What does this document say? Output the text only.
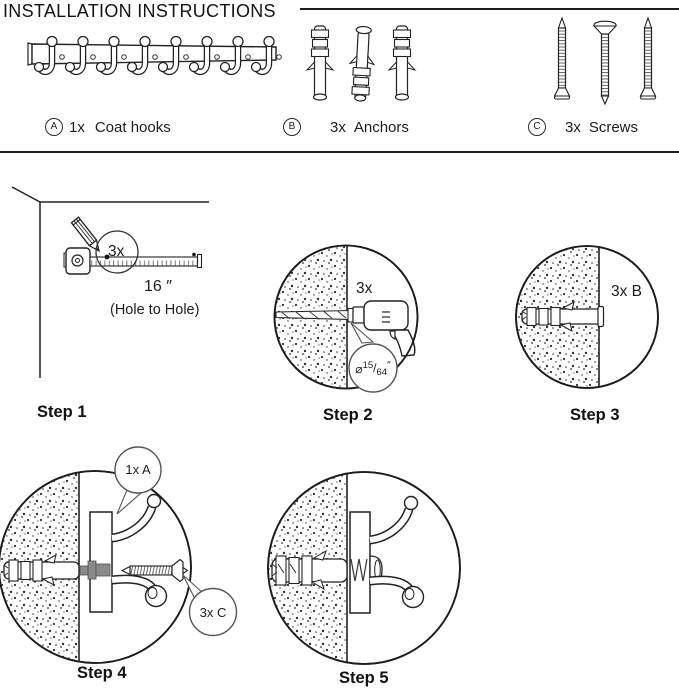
INSTALLATION INSTRUCTIONS
A 1x Coat hooks	B	3x Anchors	C	3x Screws
3x
16 ″
(Hole to Hole)
Step 1
3x
⌀$^{15}$/64″
Step 2
3x B
Step 3
1x A
3x C
Step 4	Step 5
